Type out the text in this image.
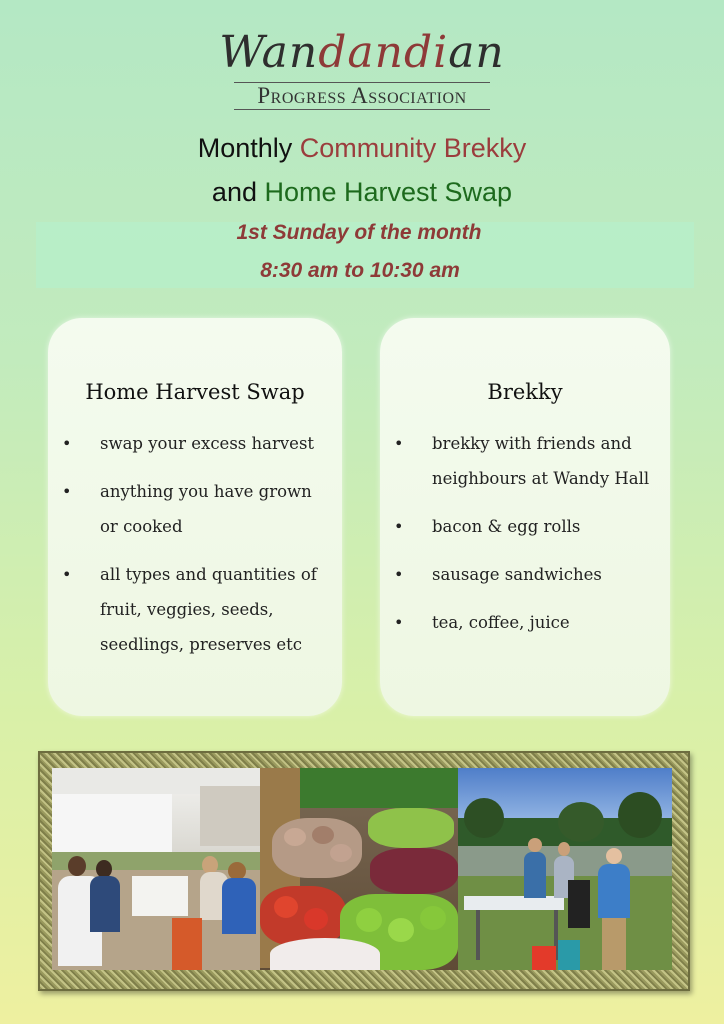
Wandandian
Progress Association
Monthly Community Brekky
and Home Harvest Swap
1st Sunday of the month
8:30 am to 10:30 am
Home Harvest Swap
• swap your excess harvest
• anything you have grown or cooked
• all types and quantities of fruit, veggies, seeds, seedlings, preserves etc
Brekky
• brekky with friends and neighbours at Wandy Hall
• bacon & egg rolls
• sausage sandwiches
• tea, coffee, juice
